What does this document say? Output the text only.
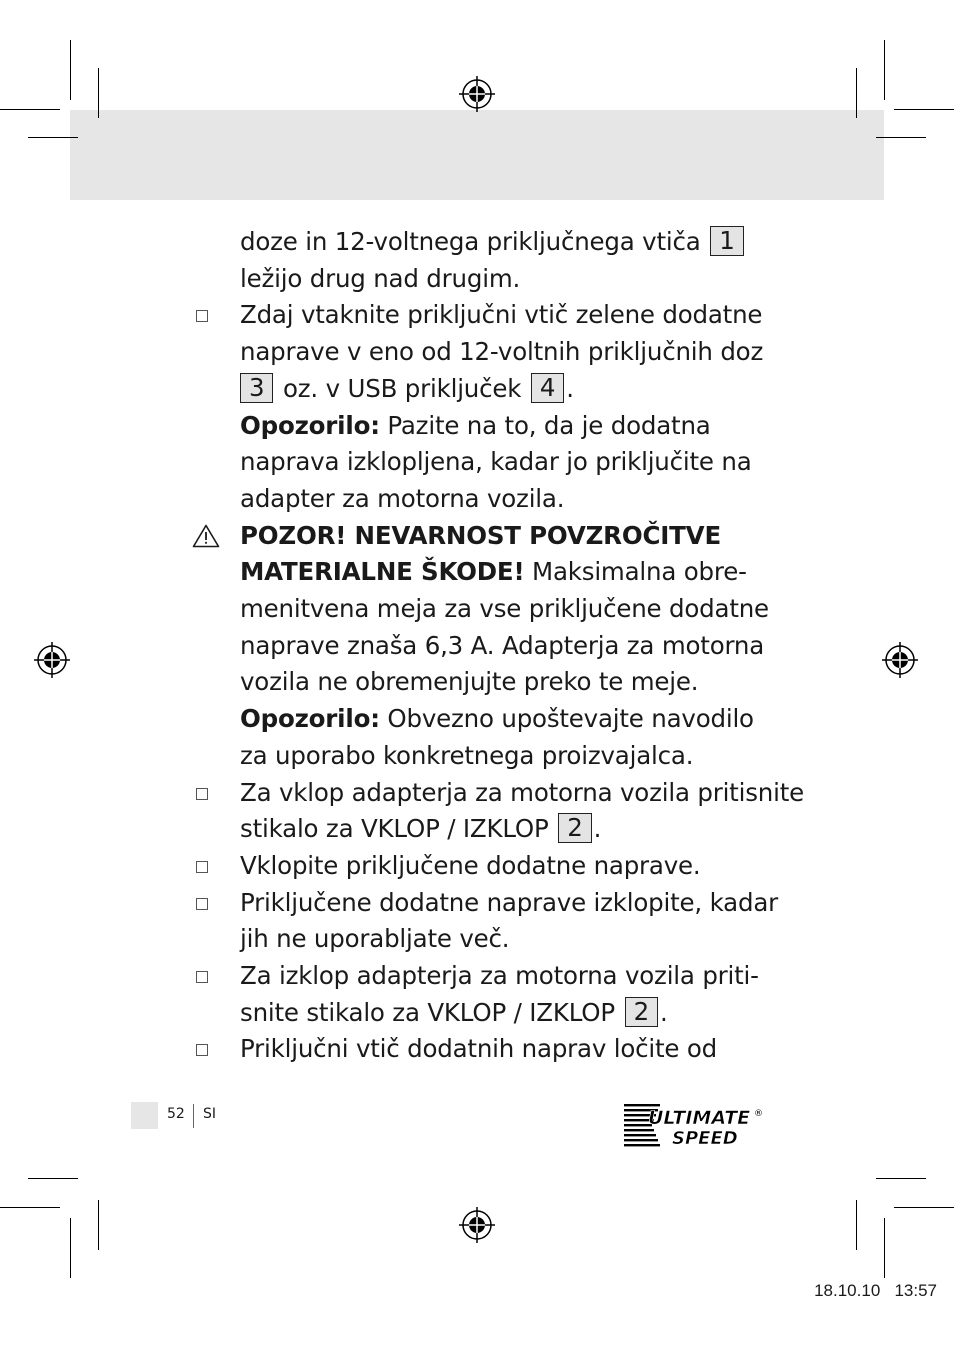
doze in 12-voltnega priključnega vtiča 1
ležijo drug nad drugim.
Zdaj vtaknite priključni vtič zelene dodatne
naprave v eno od 12-voltnih priključnih doz
3 oz. v USB priključek 4 .
Opozorilo: Pazite na to, da je dodatna
naprava izklopljena, kadar jo priključite na
adapter za motorna vozila.
POZOR! NEVARNOST POVZROČITVE
MATERIALNE ŠKODE! Maksimalna obre-
menitvena meja za vse priključene dodatne
naprave znaša 6,3 A. Adapterja za motorna
vozila ne obremenjujte preko te meje.
Opozorilo: Obvezno upoštevajte navodilo
za uporabo konkretnega proizvajalca.
Za vklop adapterja za motorna vozila pritisnite
stikalo za VKLOP / IZKLOP 2 .
Vklopite priključene dodatne naprave.
Priključene dodatne naprave izklopite, kadar
jih ne uporabljate več.
Za izklop adapterja za motorna vozila priti-
snite stikalo za VKLOP / IZKLOP 2 .
Priključni vtič dodatnih naprav ločite od
52 SI	ULTIMATE
SPEED
®
18.10.10 13:57
